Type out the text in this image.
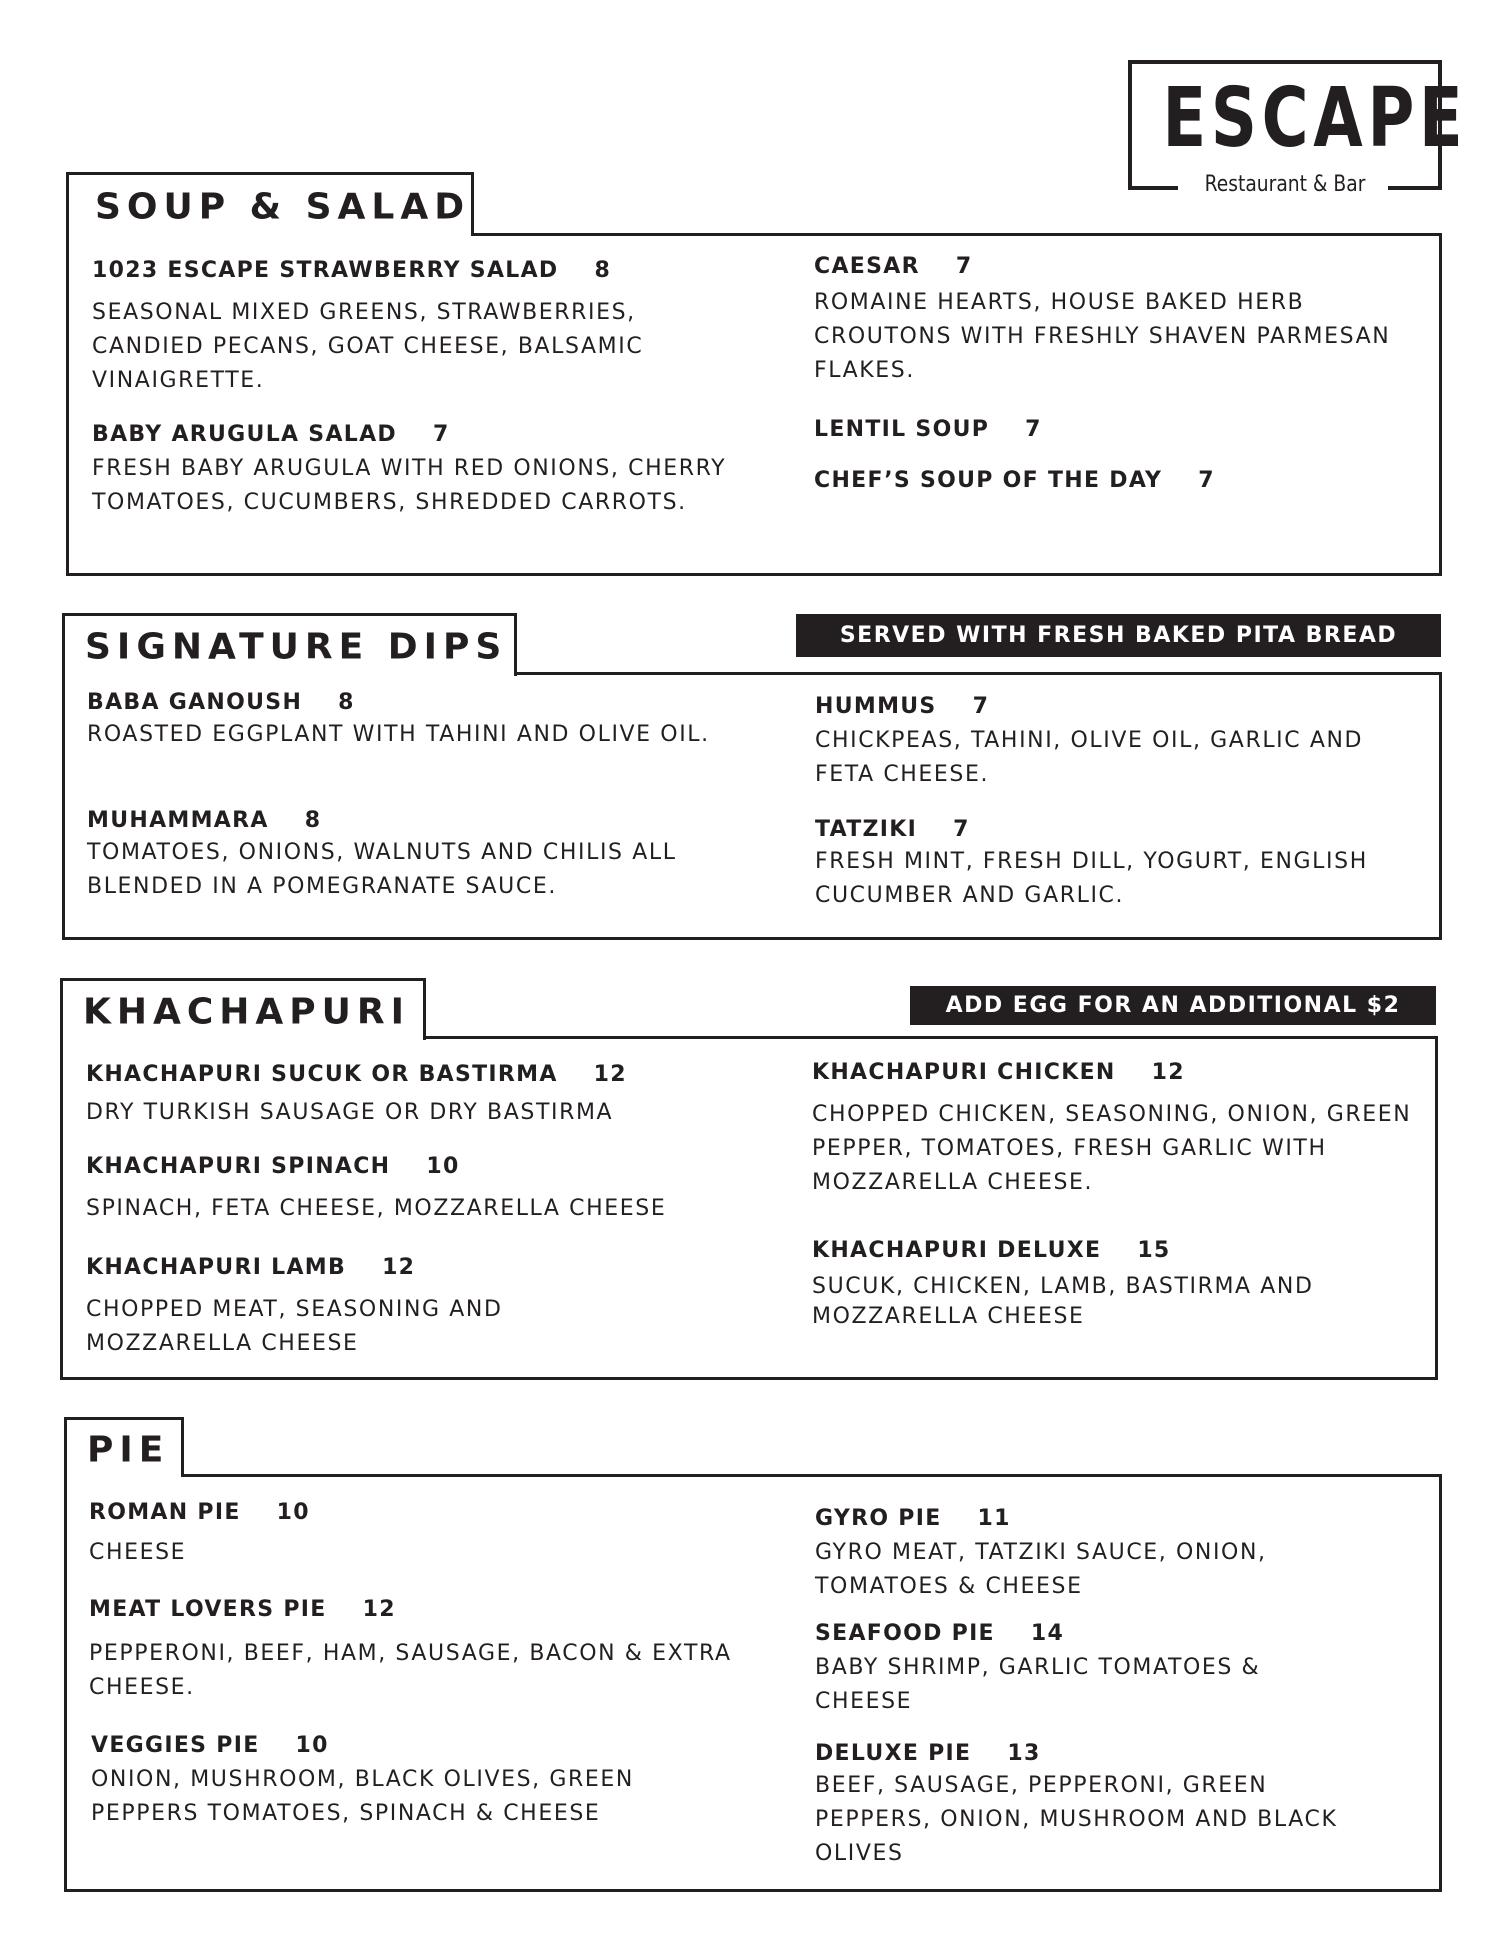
ESCAPE
Restaurant & Bar
SOUP & SALAD
1023 ESCAPE STRAWBERRY SALAD 8
SEASONAL MIXED GREENS, STRAWBERRIES, CANDIED PECANS, GOAT CHEESE, BALSAMIC VINAIGRETTE.
BABY ARUGULA SALAD 7
FRESH BABY ARUGULA WITH RED ONIONS, CHERRY TOMATOES, CUCUMBERS, SHREDDED CARROTS.
CAESAR 7
ROMAINE HEARTS, HOUSE BAKED HERB CROUTONS WITH FRESHLY SHAVEN PARMESAN FLAKES.
LENTIL SOUP 7
CHEF’S SOUP OF THE DAY 7
SIGNATURE DIPS	SERVED WITH FRESH BAKED PITA BREAD
BABA GANOUSH 8
ROASTED EGGPLANT WITH TAHINI AND OLIVE OIL.
MUHAMMARA 8
TOMATOES, ONIONS, WALNUTS AND CHILIS ALL BLENDED IN A POMEGRANATE SAUCE.
HUMMUS 7
CHICKPEAS, TAHINI, OLIVE OIL, GARLIC AND FETA CHEESE.
TATZIKI 7
FRESH MINT, FRESH DILL, YOGURT, ENGLISH CUCUMBER AND GARLIC.
KHACHAPURI	ADD EGG FOR AN ADDITIONAL $2
KHACHAPURI SUCUK OR BASTIRMA 12
DRY TURKISH SAUSAGE OR DRY BASTIRMA
KHACHAPURI SPINACH 10
SPINACH, FETA CHEESE, MOZZARELLA CHEESE
KHACHAPURI LAMB 12
CHOPPED MEAT, SEASONING AND MOZZARELLA CHEESE
KHACHAPURI CHICKEN 12
CHOPPED CHICKEN, SEASONING, ONION, GREEN PEPPER, TOMATOES, FRESH GARLIC WITH MOZZARELLA CHEESE.
KHACHAPURI DELUXE 15
SUCUK, CHICKEN, LAMB, BASTIRMA AND MOZZARELLA CHEESE
PIE
ROMAN PIE 10
CHEESE
MEAT LOVERS PIE 12
PEPPERONI, BEEF, HAM, SAUSAGE, BACON & EXTRA CHEESE.
VEGGIES PIE 10
ONION, MUSHROOM, BLACK OLIVES, GREEN PEPPERS TOMATOES, SPINACH & CHEESE
GYRO PIE 11
GYRO MEAT, TATZIKI SAUCE, ONION, TOMATOES & CHEESE
SEAFOOD PIE 14
BABY SHRIMP, GARLIC TOMATOES & CHEESE
DELUXE PIE 13
BEEF, SAUSAGE, PEPPERONI, GREEN PEPPERS, ONION, MUSHROOM AND BLACK OLIVES
